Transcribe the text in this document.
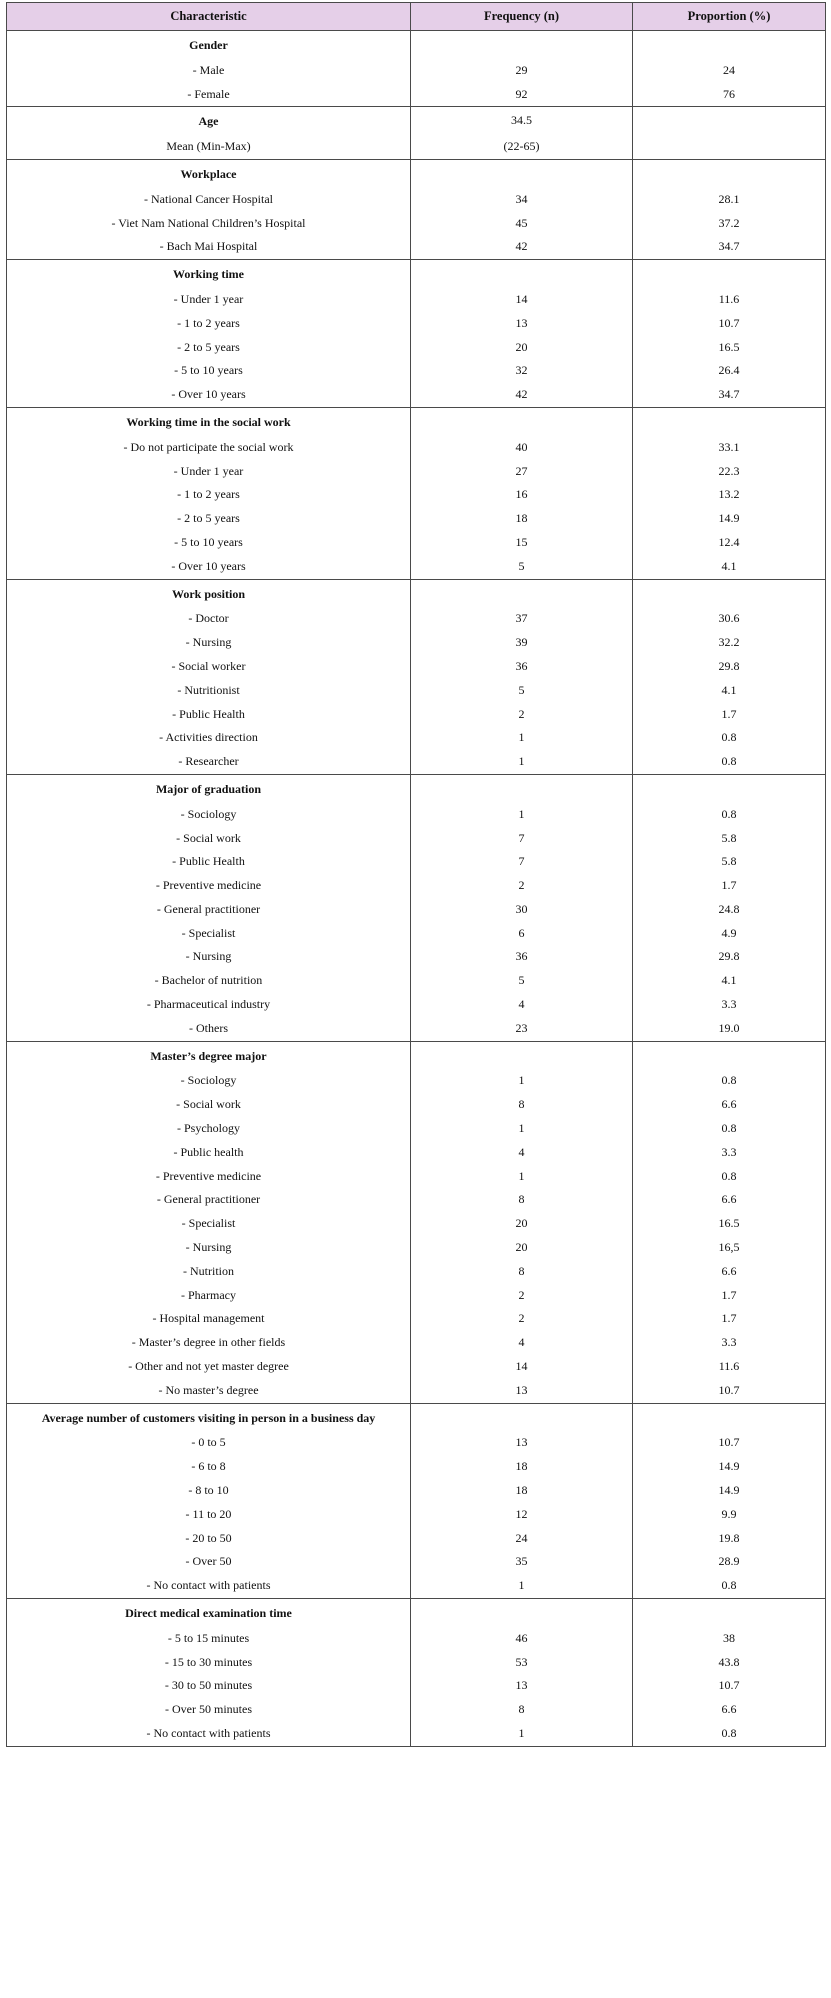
Characteristic	Frequency (n)	Proportion (%)
Gender		
- Male	29	24
- Female	92	76
Age	34.5	
Mean (Min-Max)	(22-65)	
Workplace		
- National Cancer Hospital	34	28.1
- Viet Nam National Children’s Hospital	45	37.2
- Bach Mai Hospital	42	34.7
Working time		
- Under 1 year	14	11.6
- 1 to 2 years	13	10.7
- 2 to 5 years	20	16.5
- 5 to 10 years	32	26.4
- Over 10 years	42	34.7
Working time in the social work		
- Do not participate the social work	40	33.1
- Under 1 year	27	22.3
- 1 to 2 years	16	13.2
- 2 to 5 years	18	14.9
- 5 to 10 years	15	12.4
- Over 10 years	5	4.1
Work position		
- Doctor	37	30.6
- Nursing	39	32.2
- Social worker	36	29.8
- Nutritionist	5	4.1
- Public Health	2	1.7
- Activities direction	1	0.8
- Researcher	1	0.8
Major of graduation		
- Sociology	1	0.8
- Social work	7	5.8
- Public Health	7	5.8
- Preventive medicine	2	1.7
- General practitioner	30	24.8
- Specialist	6	4.9
- Nursing	36	29.8
- Bachelor of nutrition	5	4.1
- Pharmaceutical industry	4	3.3
- Others	23	19.0
Master’s degree major		
- Sociology	1	0.8
- Social work	8	6.6
- Psychology	1	0.8
- Public health	4	3.3
- Preventive medicine	1	0.8
- General practitioner	8	6.6
- Specialist	20	16.5
- Nursing	20	16,5
- Nutrition	8	6.6
- Pharmacy	2	1.7
- Hospital management	2	1.7
- Master’s degree in other fields	4	3.3
- Other and not yet master degree	14	11.6
- No master’s degree	13	10.7
Average number of customers visiting in person in a business day		
- 0 to 5	13	10.7
- 6 to 8	18	14.9
- 8 to 10	18	14.9
- 11 to 20	12	9.9
- 20 to 50	24	19.8
- Over 50	35	28.9
- No contact with patients	1	0.8
Direct medical examination time		
- 5 to 15 minutes	46	38
- 15 to 30 minutes	53	43.8
- 30 to 50 minutes	13	10.7
- Over 50 minutes	8	6.6
- No contact with patients	1	0.8
